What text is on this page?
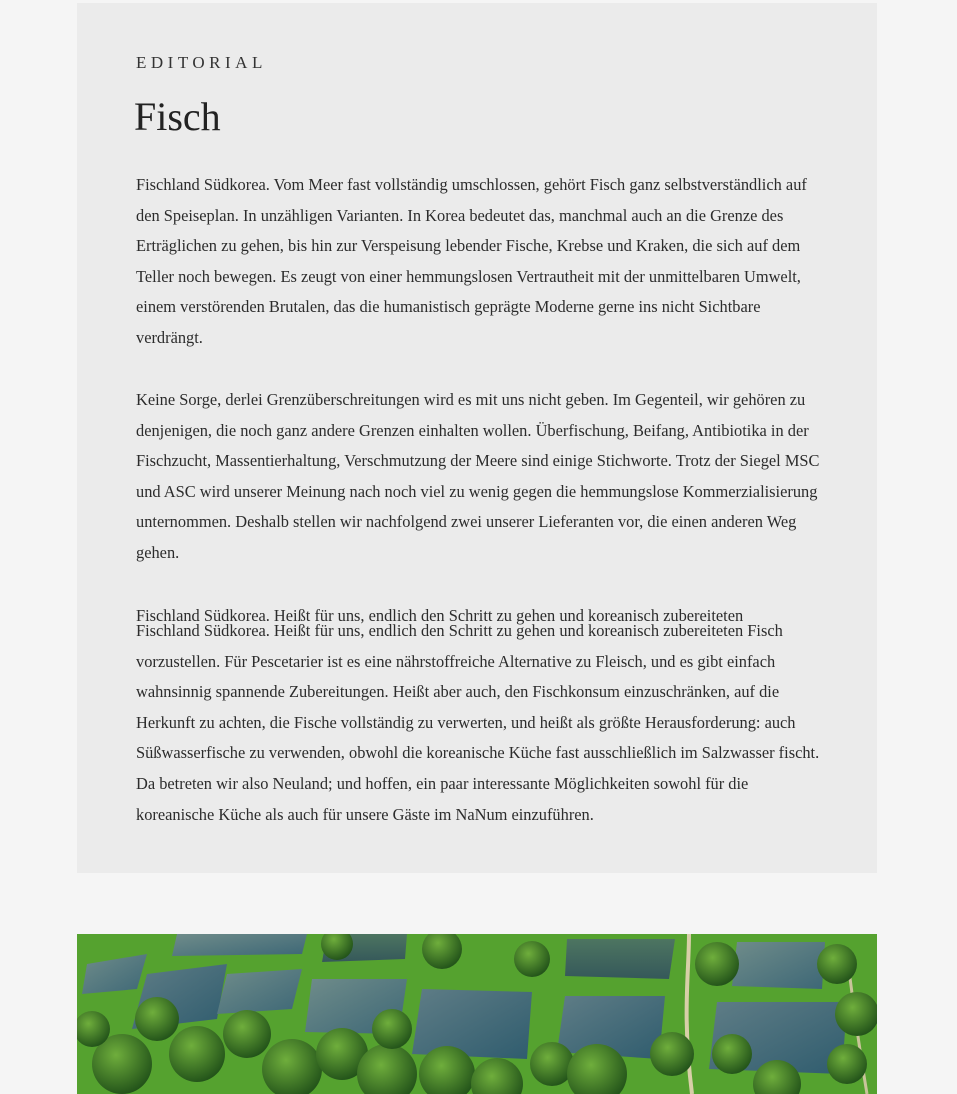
EDITORIAL

Fisch

Fischland Südkorea. Vom Meer fast vollständig umschlossen, gehört Fisch ganz selbstverständlich auf den Speiseplan. In unzähligen Varianten. In Korea bedeutet das, manchmal auch an die Grenze des Erträglichen zu gehen, bis hin zur Verspeisung lebender Fische, Krebse und Kraken, die sich auf dem Teller noch bewegen. Es zeugt von einer hemmungslosen Vertrautheit mit der unmittelbaren Umwelt, einem verstörenden Brutalen, das die humanistisch geprägte Moderne gerne ins nicht Sichtbare verdrängt.

Keine Sorge, derlei Grenzüberschreitungen wird es mit uns nicht geben. Im Gegenteil, wir gehören zu denjenigen, die noch ganz andere Grenzen einhalten wollen. Überfischung, Beifang, Antibiotika in der Fischzucht, Massentierhaltung, Verschmutzung der Meere sind einige Stichworte. Trotz der Siegel MSC und ASC wird unserer Meinung nach noch viel zu wenig gegen die hemmungslose Kommerzialisierung unternommen. Deshalb stellen wir nachfolgend zwei unserer Lieferanten vor, die einen anderen Weg gehen.

Fischland Südkorea. Heißt für uns, endlich den Schritt zu gehen und koreanisch zubereiteten

Fischland Südkorea. Heißt für uns, endlich den Schritt zu gehen und koreanisch zubereiteten Fisch vorzustellen. Für Pescetarier ist es eine nährstoffreiche Alternative zu Fleisch, und es gibt einfach wahnsinnig spannende Zubereitungen. Heißt aber auch, den Fischkonsum einzuschränken, auf die Herkunft zu achten, die Fische vollständig zu verwerten, und heißt als größte Herausforderung: auch Süßwasserfische zu verwenden, obwohl die koreanische Küche fast ausschließlich im Salzwasser fischt. Da betreten wir also Neuland; und hoffen, ein paar interessante Möglichkeiten sowohl für die koreanische Küche als auch für unsere Gäste im NaNum einzuführen.
